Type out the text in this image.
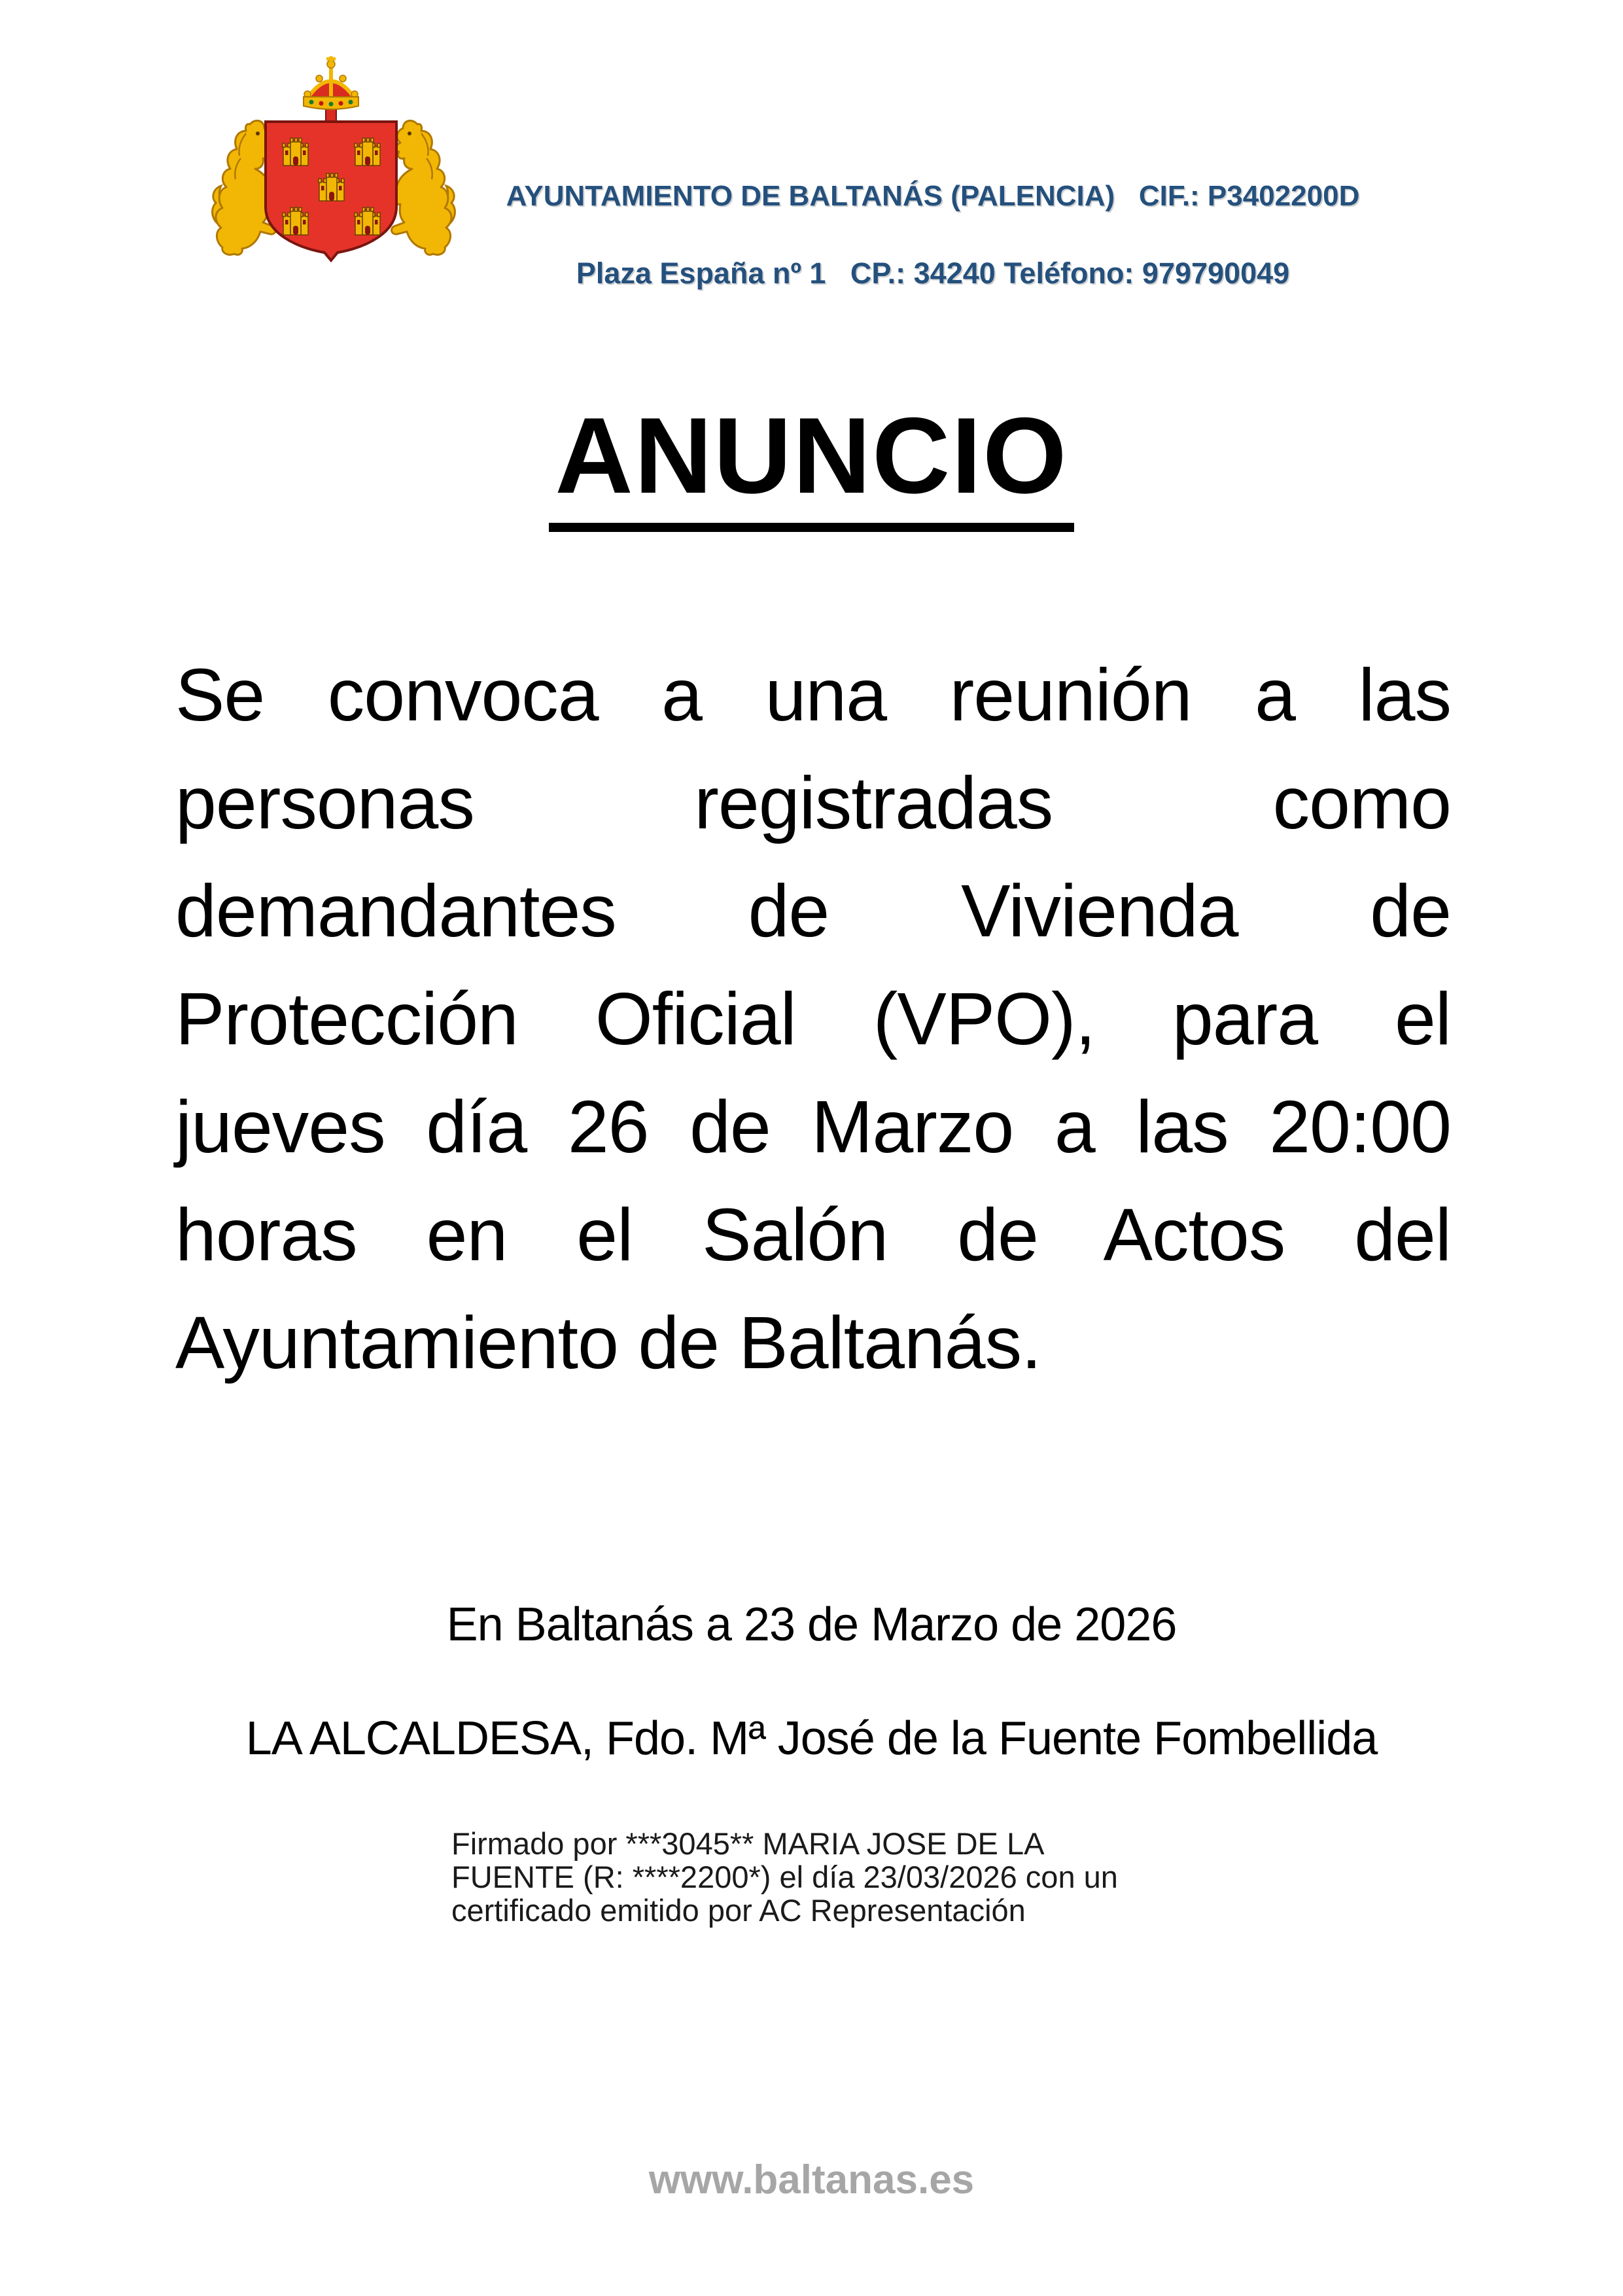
AYUNTAMIENTO DE BALTANÁS (PALENCIA)   CIF.: P3402200D

Plaza España nº 1   CP.: 34240 Teléfono: 979790049

ANUNCIO
Se convoca a una reunión a las
personas registradas como
demandantes de Vivienda de
Protección Oficial (VPO), para el
jueves día 26 de Marzo a las 20:00
horas en el Salón de Actos del
Ayuntamiento de Baltanás.
En Baltanás a 23 de Marzo de 2026
LA ALCALDESA, Fdo. Mª José de la Fuente Fombellida
Firmado por ***3045** MARIA JOSE DE LA
FUENTE (R: ****2200*) el día 23/03/2026 con un
certificado emitido por AC Representación
www.baltanas.es
